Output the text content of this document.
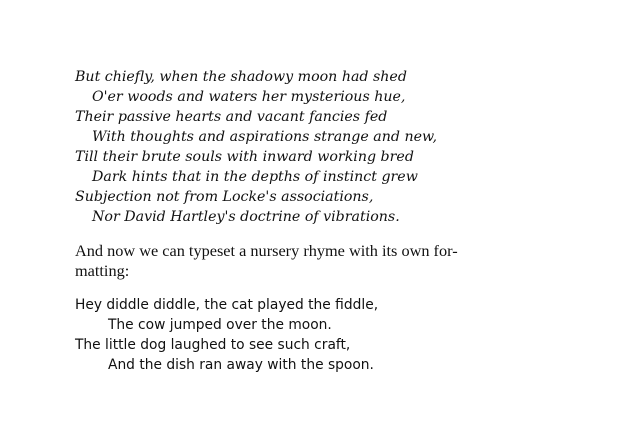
But chiefly, when the shadowy moon had shed
O'er woods and waters her mysterious hue,
Their passive hearts and vacant fancies fed
With thoughts and aspirations strange and new,
Till their brute souls with inward working bred
Dark hints that in the depths of instinct grew
Subjection not from Locke's associations,
Nor David Hartley's doctrine of vibrations.
And now we can typeset a nursery rhyme with its own for-
matting:
Hey diddle diddle, the cat played the fiddle,
The cow jumped over the moon.
The little dog laughed to see such craft,
And the dish ran away with the spoon.
